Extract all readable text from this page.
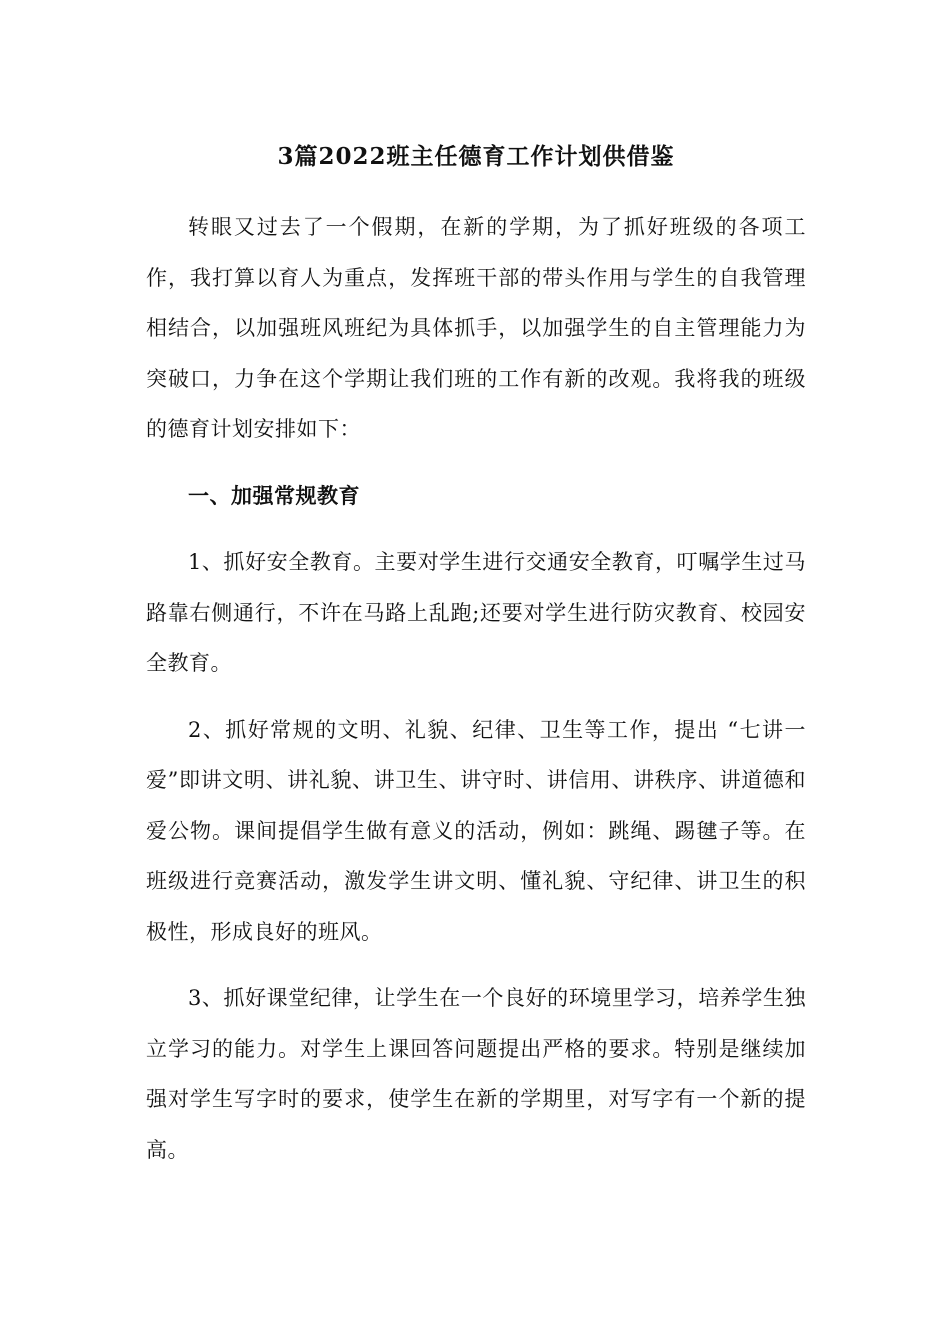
3篇2022班主任德育工作计划供借鉴

转眼又过去了一个假期，在新的学期，为了抓好班级的各项工作，我打算以育人为重点，发挥班干部的带头作用与学生的自我管理相结合，以加强班风班纪为具体抓手，以加强学生的自主管理能力为突破口，力争在这个学期让我们班的工作有新的改观。我将我的班级的德育计划安排如下：

一、加强常规教育

1、抓好安全教育。主要对学生进行交通安全教育，叮嘱学生过马路靠右侧通行，不许在马路上乱跑;还要对学生进行防灾教育、校园安全教育。

2、抓好常规的文明、礼貌、纪律、卫生等工作，提出 “七讲一爱”即讲文明、讲礼貌、讲卫生、讲守时、讲信用、讲秩序、讲道德和爱公物。课间提倡学生做有意义的活动，例如：跳绳、踢毽子等。在班级进行竞赛活动，激发学生讲文明、懂礼貌、守纪律、讲卫生的积极性，形成良好的班风。

3、抓好课堂纪律，让学生在一个良好的环境里学习，培养学生独立学习的能力。对学生上课回答问题提出严格的要求。特别是继续加强对学生写字时的要求，使学生在新的学期里，对写字有一个新的提高。
